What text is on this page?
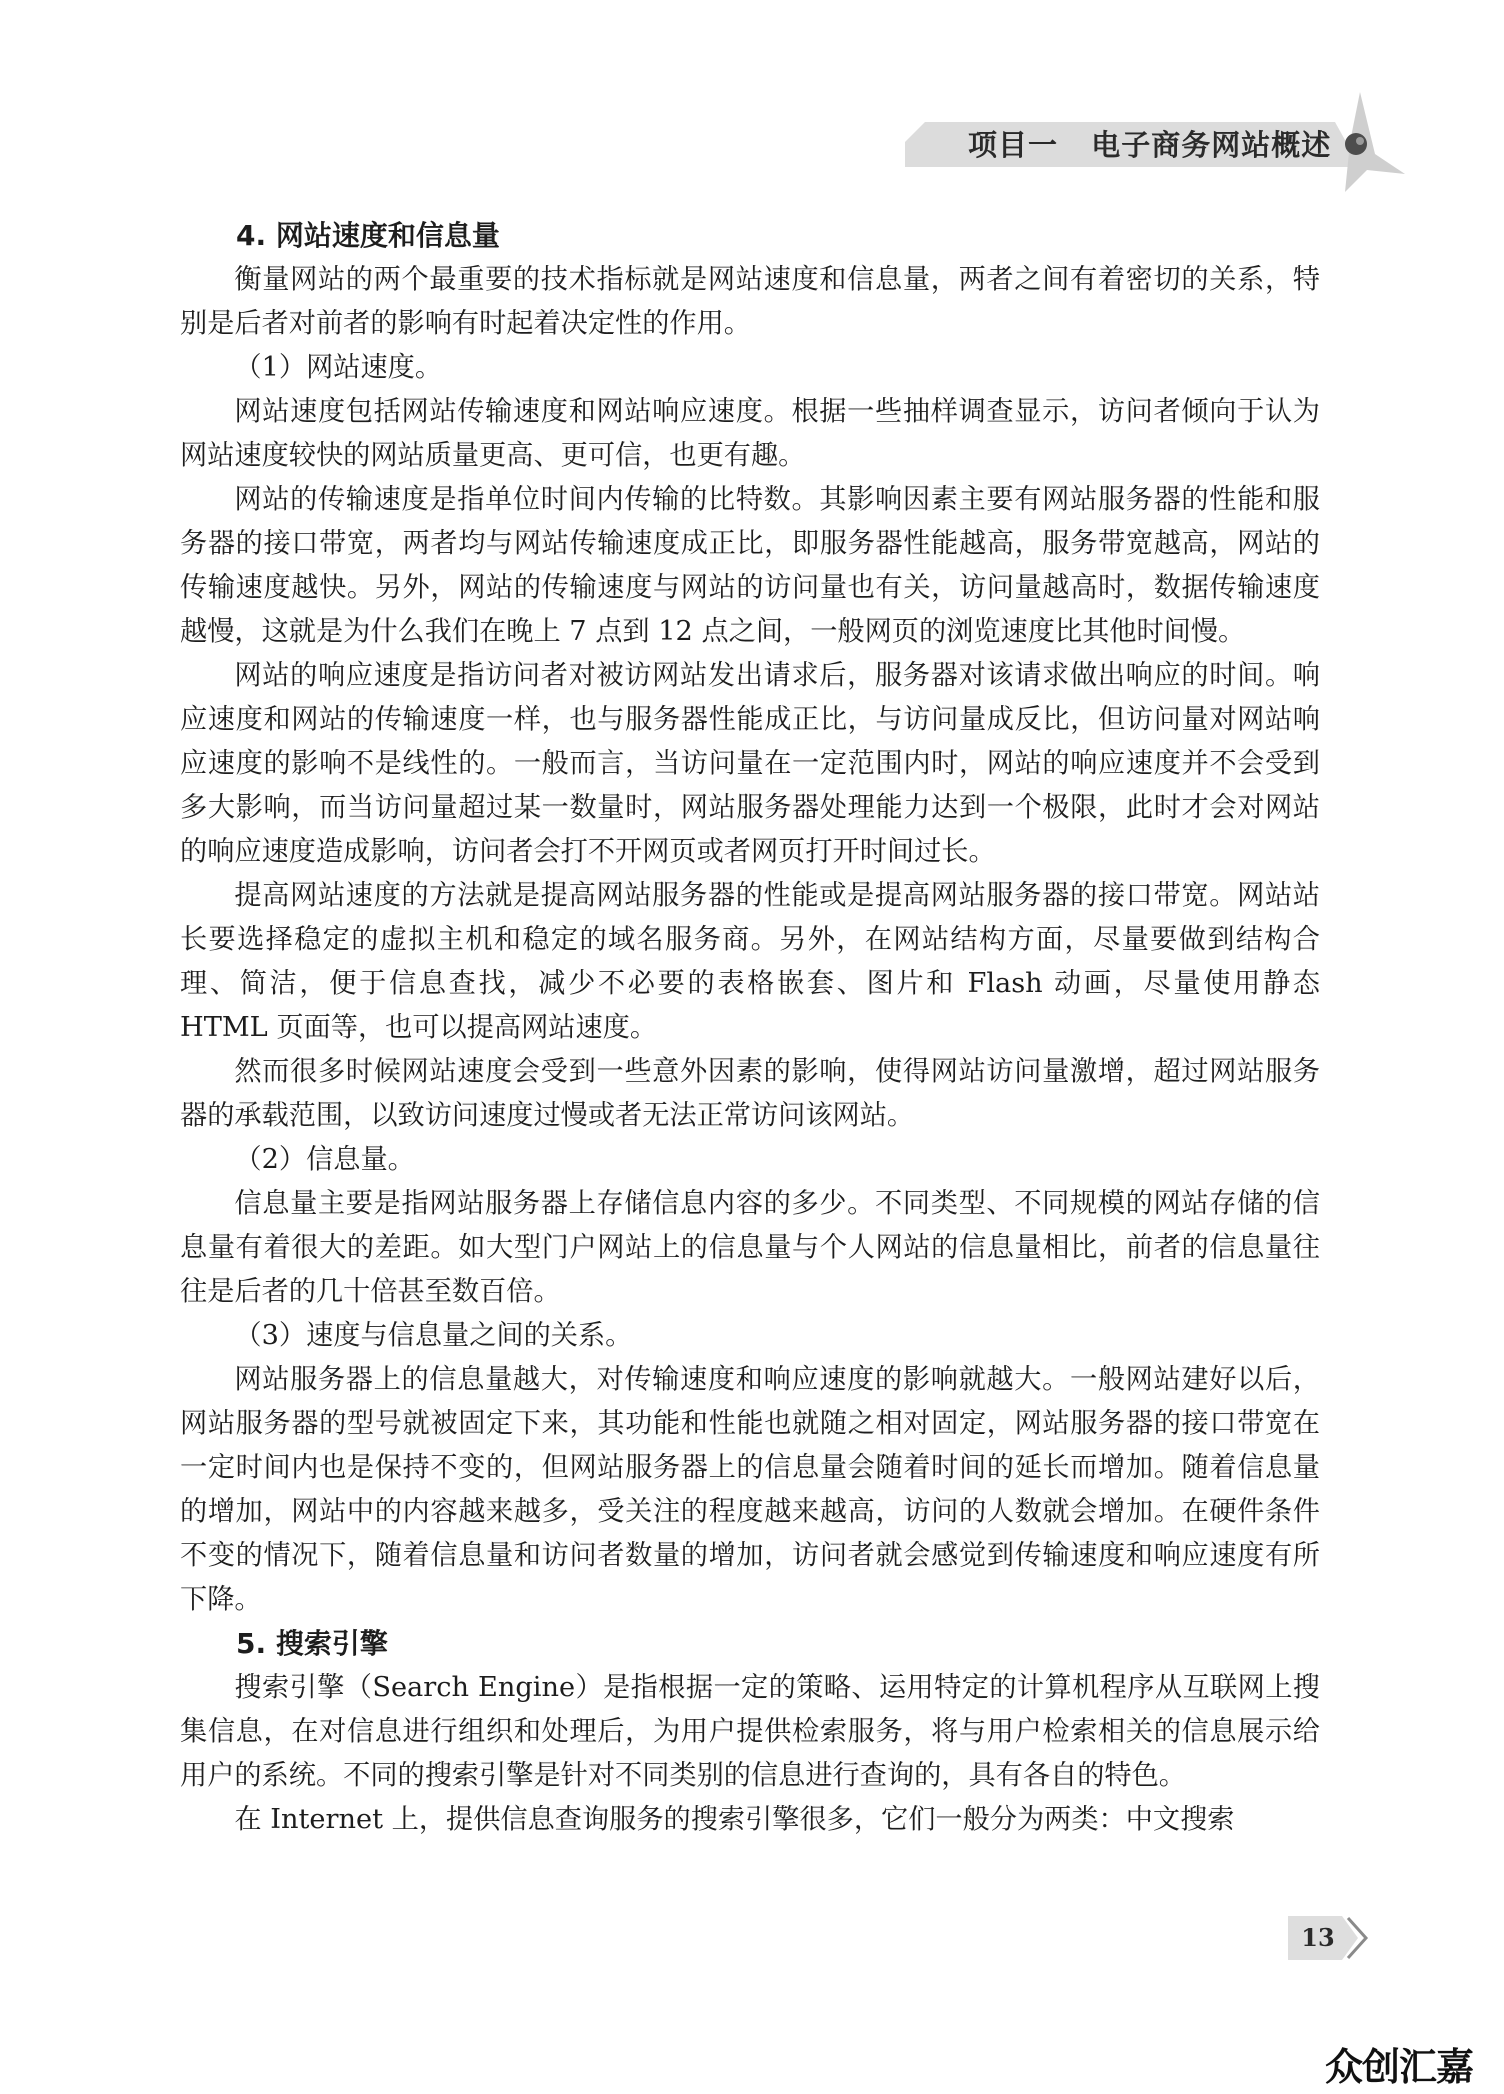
项目一   电子商务网站概述

4. 网站速度和信息量

衡量网站的两个最重要的技术指标就是网站速度和信息量，两者之间有着密切的关系，特别是后者对前者的影响有时起着决定性的作用。

（1）网站速度。

网站速度包括网站传输速度和网站响应速度。根据一些抽样调查显示，访问者倾向于认为网站速度较快的网站质量更高、更可信，也更有趣。

网站的传输速度是指单位时间内传输的比特数。其影响因素主要有网站服务器的性能和服务器的接口带宽，两者均与网站传输速度成正比，即服务器性能越高，服务带宽越高，网站的传输速度越快。另外，网站的传输速度与网站的访问量也有关，访问量越高时，数据传输速度越慢，这就是为什么我们在晚上 7 点到 12 点之间，一般网页的浏览速度比其他时间慢。

网站的响应速度是指访问者对被访网站发出请求后，服务器对该请求做出响应的时间。响应速度和网站的传输速度一样，也与服务器性能成正比，与访问量成反比，但访问量对网站响应速度的影响不是线性的。一般而言，当访问量在一定范围内时，网站的响应速度并不会受到多大影响，而当访问量超过某一数量时，网站服务器处理能力达到一个极限，此时才会对网站的响应速度造成影响，访问者会打不开网页或者网页打开时间过长。

提高网站速度的方法就是提高网站服务器的性能或是提高网站服务器的接口带宽。网站站长要选择稳定的虚拟主机和稳定的域名服务商。另外，在网站结构方面，尽量要做到结构合理、简洁，便于信息查找，减少不必要的表格嵌套、图片和 Flash 动画，尽量使用静态 HTML 页面等，也可以提高网站速度。

然而很多时候网站速度会受到一些意外因素的影响，使得网站访问量激增，超过网站服务器的承载范围，以致访问速度过慢或者无法正常访问该网站。

（2）信息量。

信息量主要是指网站服务器上存储信息内容的多少。不同类型、不同规模的网站存储的信息量有着很大的差距。如大型门户网站上的信息量与个人网站的信息量相比，前者的信息量往往是后者的几十倍甚至数百倍。

（3）速度与信息量之间的关系。

网站服务器上的信息量越大，对传输速度和响应速度的影响就越大。一般网站建好以后，网站服务器的型号就被固定下来，其功能和性能也就随之相对固定，网站服务器的接口带宽在一定时间内也是保持不变的，但网站服务器上的信息量会随着时间的延长而增加。随着信息量的增加，网站中的内容越来越多，受关注的程度越来越高，访问的人数就会增加。在硬件条件不变的情况下，随着信息量和访问者数量的增加，访问者就会感觉到传输速度和响应速度有所下降。

5. 搜索引擎

搜索引擎（Search Engine）是指根据一定的策略、运用特定的计算机程序从互联网上搜集信息，在对信息进行组织和处理后，为用户提供检索服务，将与用户检索相关的信息展示给用户的系统。不同的搜索引擎是针对不同类别的信息进行查询的，具有各自的特色。

在 Internet 上，提供信息查询服务的搜索引擎很多，它们一般分为两类：中文搜索

13
众创汇嘉
